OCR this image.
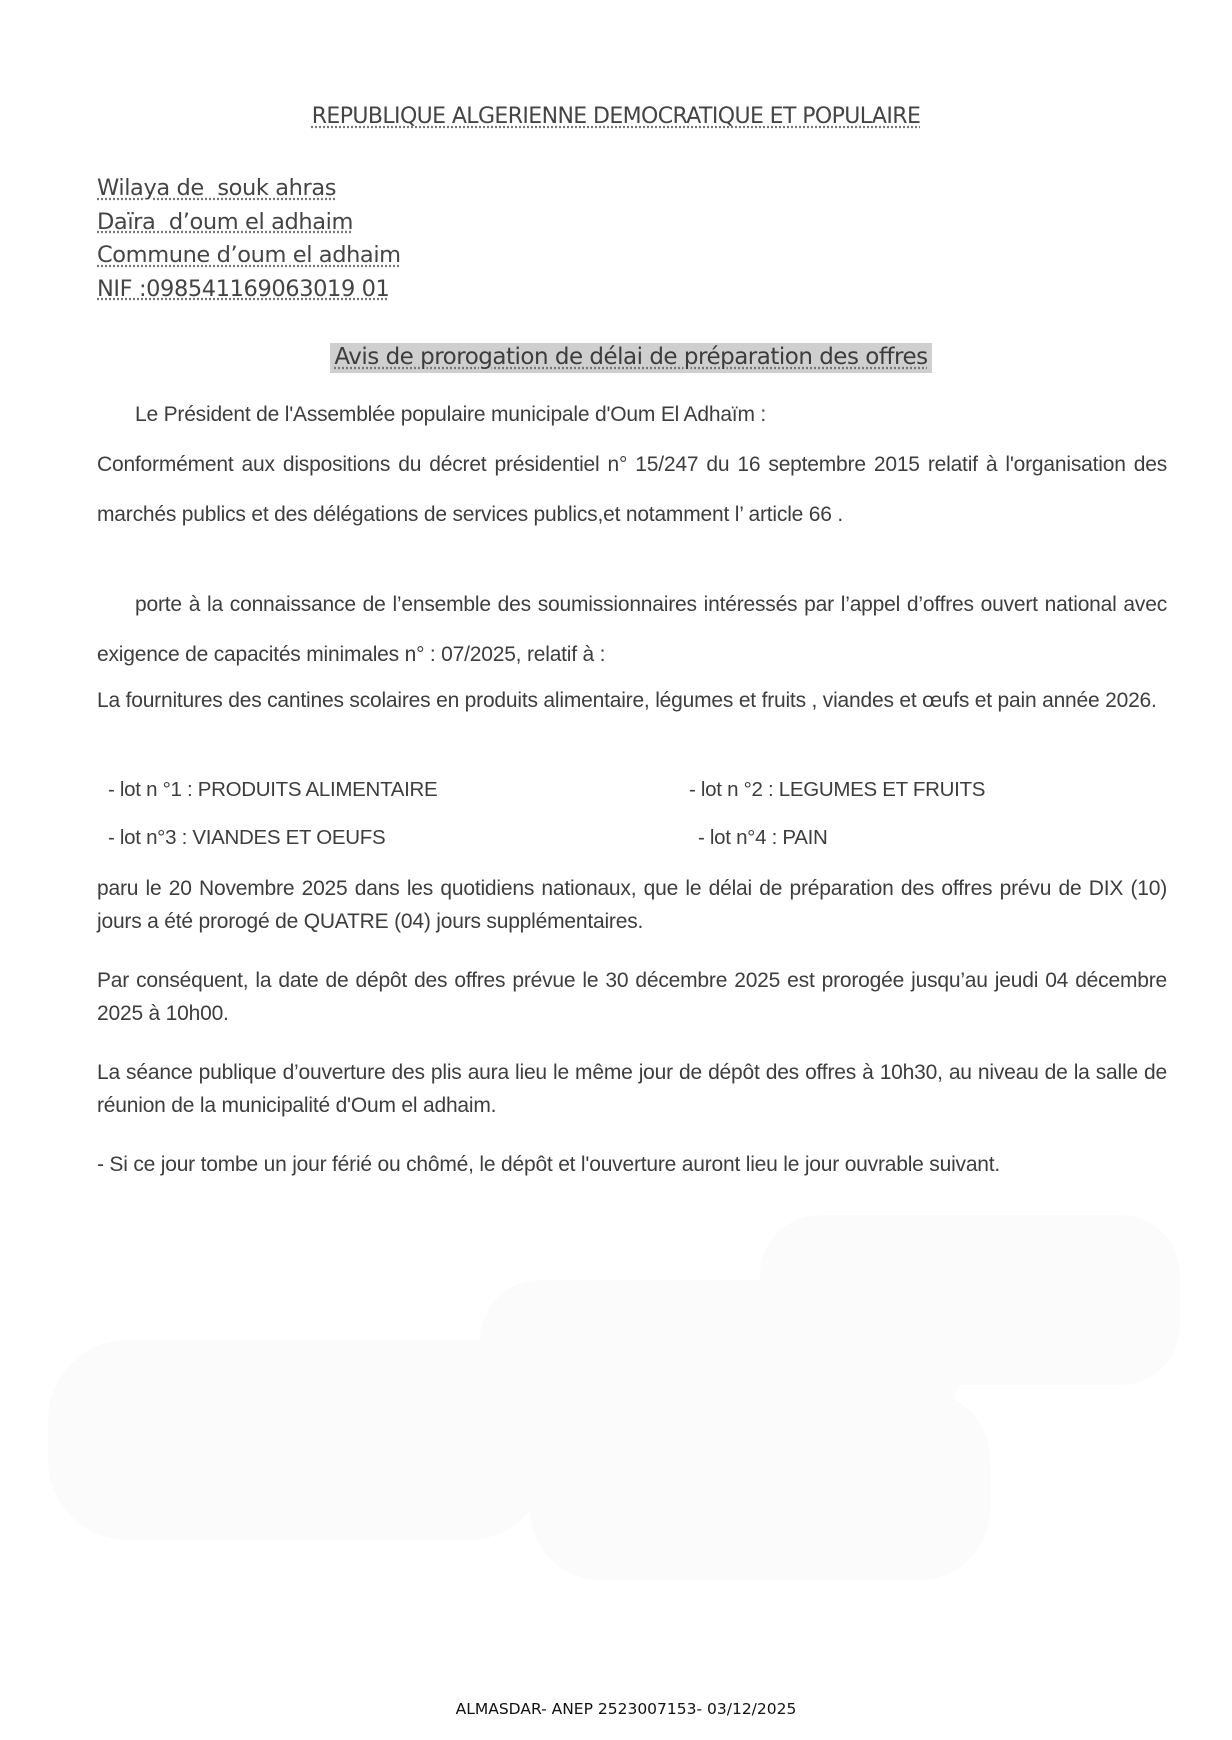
REPUBLIQUE ALGERIENNE DEMOCRATIQUE ET POPULAIRE
Wilaya de  souk ahras
Daïra  d’oum el adhaim
Commune d’oum el adhaim
NIF :098541169063019 01
Avis de prorogation de délai de préparation des offres
Le Président de l'Assemblée populaire municipale d'Oum El Adhaïm :
Conformément aux dispositions du décret présidentiel n° 15/247 du 16 septembre 2015 relatif à l'organisation des marchés publics et des délégations de services publics,et notamment l’ article 66 .
porte à la connaissance de l’ensemble des soumissionnaires intéressés par l’appel d’offres ouvert national avec exigence de capacités minimales n° : 07/2025, relatif à :
La fournitures des cantines scolaires en produits alimentaire, légumes et fruits , viandes et œufs et pain année 2026.
- lot n °1 : PRODUITS ALIMENTAIRE	- lot n °2 : LEGUMES ET FRUITS
- lot n°3 : VIANDES ET OEUFS	- lot n°4 : PAIN
paru le 20 Novembre 2025 dans les quotidiens nationaux, que le délai de préparation des offres prévu de DIX (10) jours a été prorogé de QUATRE (04) jours supplémentaires.
Par conséquent, la date de dépôt des offres prévue le 30 décembre 2025 est prorogée jusqu’au jeudi 04 décembre 2025 à 10h00.
La séance publique d’ouverture des plis aura lieu le même jour de dépôt des offres à 10h30, au niveau de la salle de réunion de la municipalité d'Oum el adhaim.
- Si ce jour tombe un jour férié ou chômé, le dépôt et l'ouverture auront lieu le jour ouvrable suivant.
ALMASDAR- ANEP 2523007153- 03/12/2025
